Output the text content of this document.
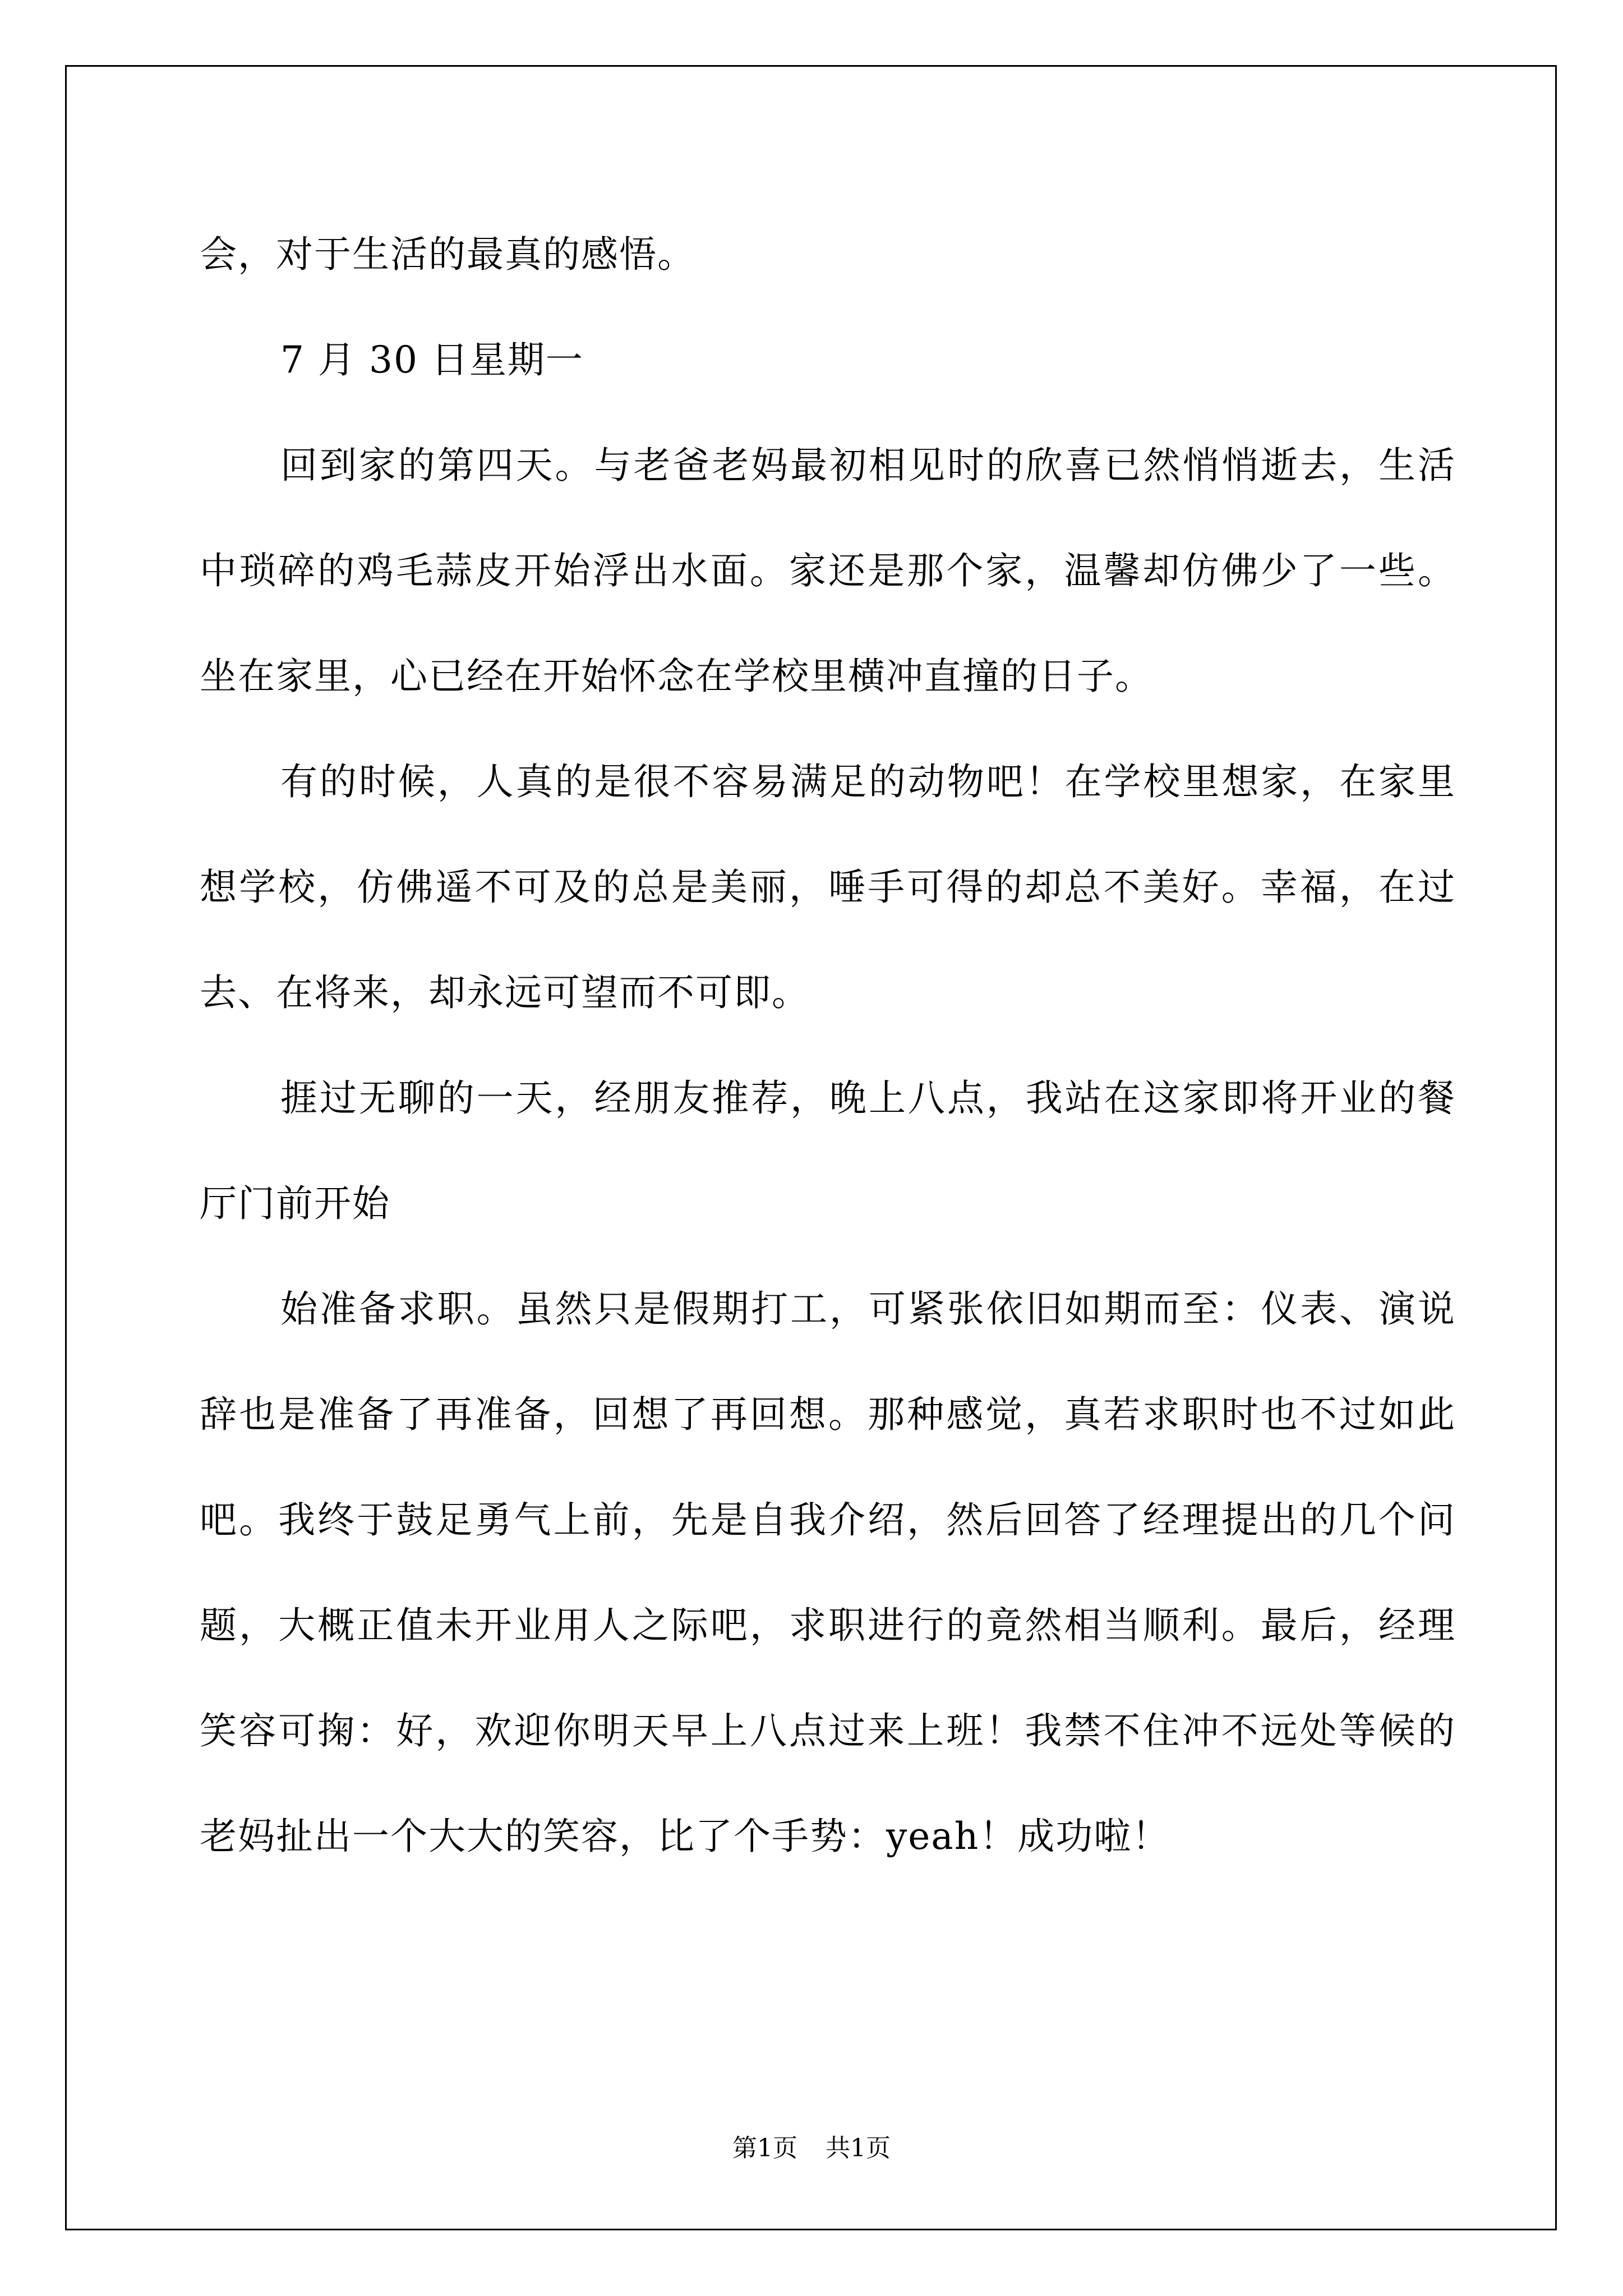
会，对于生活的最真的感悟。

7 月 30 日星期一

回到家的第四天。与老爸老妈最初相见时的欣喜已然悄悄逝去，生活中琐碎的鸡毛蒜皮开始浮出水面。家还是那个家，温馨却仿佛少了一些。坐在家里，心已经在开始怀念在学校里横冲直撞的日子。

有的时候，人真的是很不容易满足的动物吧！在学校里想家，在家里想学校，仿佛遥不可及的总是美丽，唾手可得的却总不美好。幸福，在过去、在将来，却永远可望而不可即。

捱过无聊的一天，经朋友推荐，晚上八点，我站在这家即将开业的餐厅门前开始

始准备求职。虽然只是假期打工，可紧张依旧如期而至：仪表、演说辞也是准备了再准备，回想了再回想。那种感觉，真若求职时也不过如此吧。我终于鼓足勇气上前，先是自我介绍，然后回答了经理提出的几个问题，大概正值未开业用人之际吧，求职进行的竟然相当顺利。最后，经理笑容可掬：好，欢迎你明天早上八点过来上班！我禁不住冲不远处等候的老妈扯出一个大大的笑容，比了个手势：yeah！成功啦！

第1页 共1页
